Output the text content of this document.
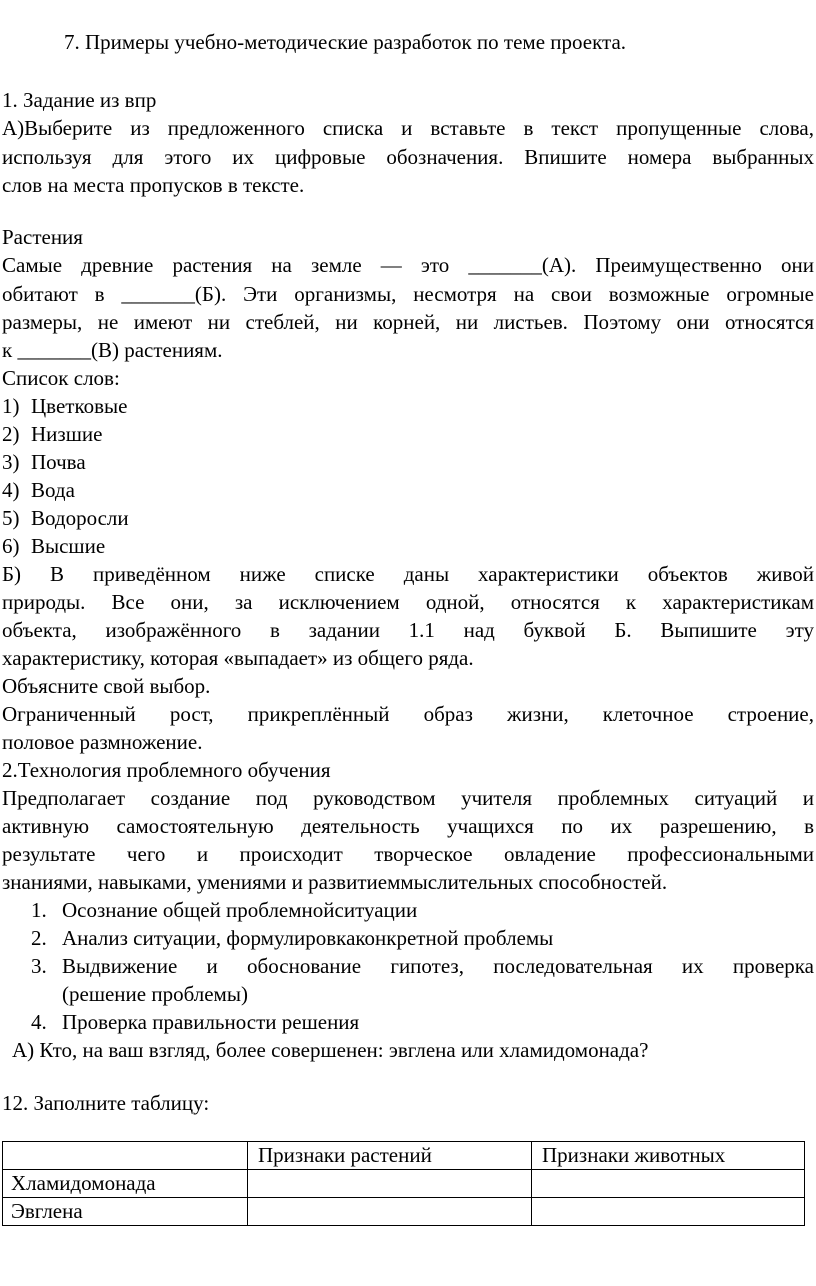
7. Примеры учебно-методические разработок по теме проекта.
1. Задание из впр
А)Выберите из предложенного списка и вставьте в текст пропущенные слова,
используя для этого их цифровые обозначения. Впишите номера выбранных
слов на места пропусков в тексте.
Растения
Самые древние растения на земле — это _______(А). Преимущественно они
обитают в _______(Б). Эти организмы, несмотря на свои возможные огромные
размеры, не имеют ни стеблей, ни корней, ни листьев. Поэтому они относятся
к _______(В) растениям.
Список слов:
1) Цветковые
2) Низшие
3) Почва
4) Вода
5) Водоросли
6) Высшие
Б) В приведённом ниже списке даны характеристики объектов живой
природы. Все они, за исключением одной, относятся к характеристикам
объекта, изображённого в задании 1.1 над буквой Б. Выпишите эту
характеристику, которая «выпадает» из общего ряда.
Объясните свой выбор.
Ограниченный рост, прикреплённый образ жизни, клеточное строение,
половое размножение.
2.Технология проблемного обучения
Предполагает создание под руководством учителя проблемных ситуаций и
активную самостоятельную деятельность учащихся по их разрешению, в
результате чего и происходит творческое овладение профессиональными
знаниями, навыками, умениями и развитиеммыслительных способностей.
1. Осознание общей проблемнойситуации
2. Анализ ситуации, формулировкаконкретной проблемы
3. Выдвижение и обоснование гипотез, последовательная их проверка
(решение проблемы)
4. Проверка правильности решения
А) Кто, на ваш взгляд, более совершенен: эвглена или хламидомонада?
12. Заполните таблицу:
	Признаки растений	Признаки животных
Хламидомонада		
Эвглена		
